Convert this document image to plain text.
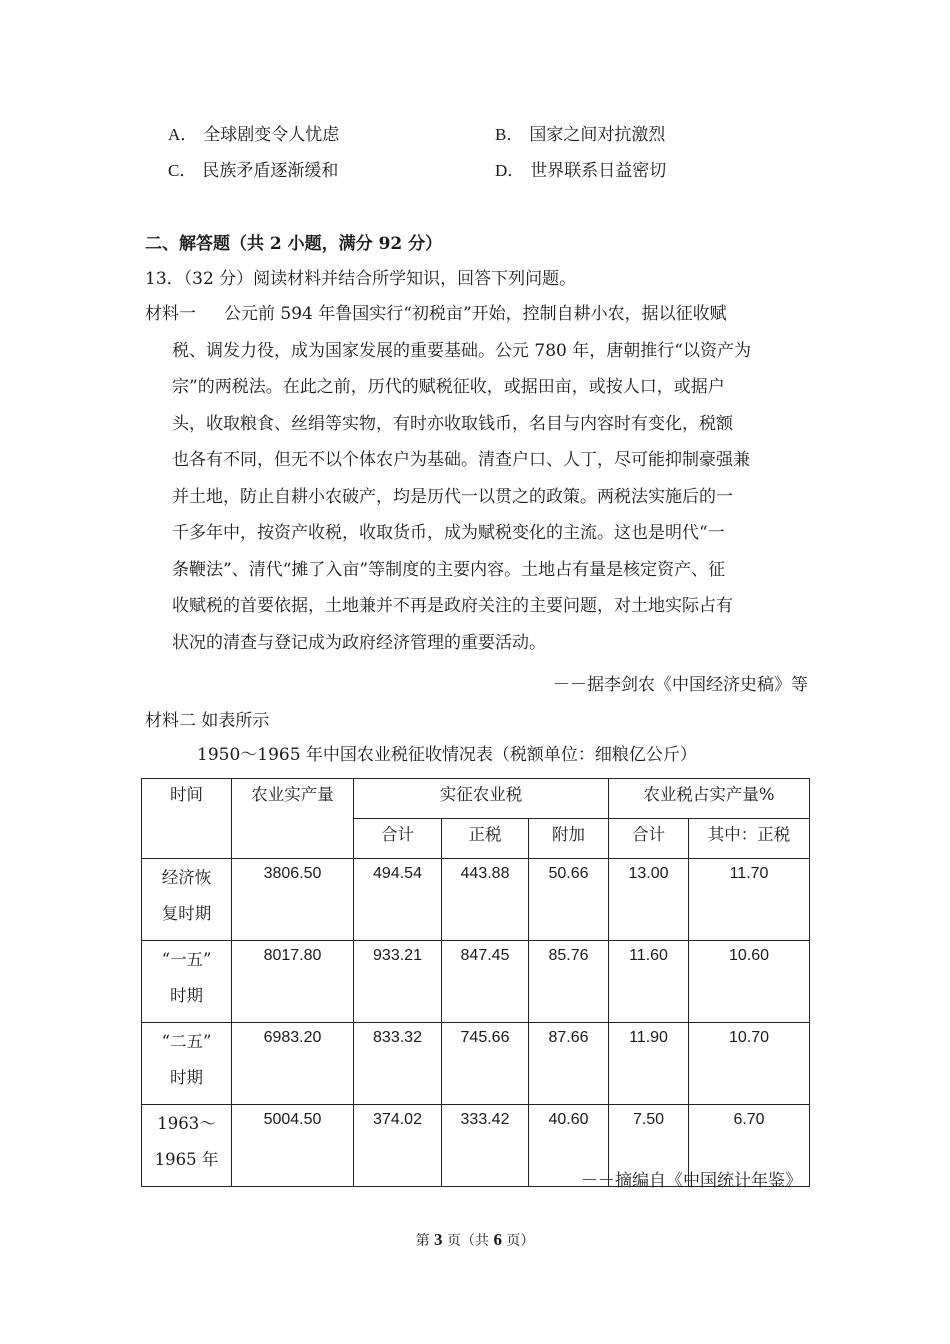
A． 全球剧变令人忧虑	B． 国家之间对抗激烈
C． 民族矛盾逐渐缓和	D． 世界联系日益密切
二、解答题（共 2 小题，满分 92 分）
13．（32 分）阅读材料并结合所学知识，回答下列问题。
材料一 公元前 594 年鲁国实行“初税亩”开始，控制自耕小农，据以征收赋
税、调发力役，成为国家发展的重要基础。公元 780 年，唐朝推行“以资产为
宗”的两税法。在此之前，历代的赋税征收，或据田亩，或按人口，或据户
头，收取粮食、丝绢等实物，有时亦收取钱币，名目与内容时有变化，税额
也各有不同，但无不以个体农户为基础。清查户口、人丁，尽可能抑制豪强兼
并土地，防止自耕小农破产，均是历代一以贯之的政策。两税法实施后的一
千多年中，按资产收税，收取货币，成为赋税变化的主流。这也是明代“一
条鞭法”、清代“摊了入亩”等制度的主要内容。土地占有量是核定资产、征
收赋税的首要依据，土地兼并不再是政府关注的主要问题，对土地实际占有
状况的清查与登记成为政府经济管理的重要活动。
－－据李剑农《中国经济史稿》等
材料二 如表所示
1950～1965 年中国农业税征收情况表（税额单位：细粮亿公斤）
时间	农业实产量	实征农业税			农业税占实产量%	
		合计	正税	附加	合计	其中：正税

经济恢
复时期	3806.50	494.54	443.88	50.66	13.00	11.70

“一五”
时期	8017.80	933.21	847.45	85.76	11.60	10.60

“二五”
时期	6983.20	833.32	745.66	87.66	11.90	10.70

1963～
1965 年	5004.50	374.02	333.42	40.60	7.50	6.70
－－摘编自《中国统计年鉴》
第 3 页（共 6 页）
